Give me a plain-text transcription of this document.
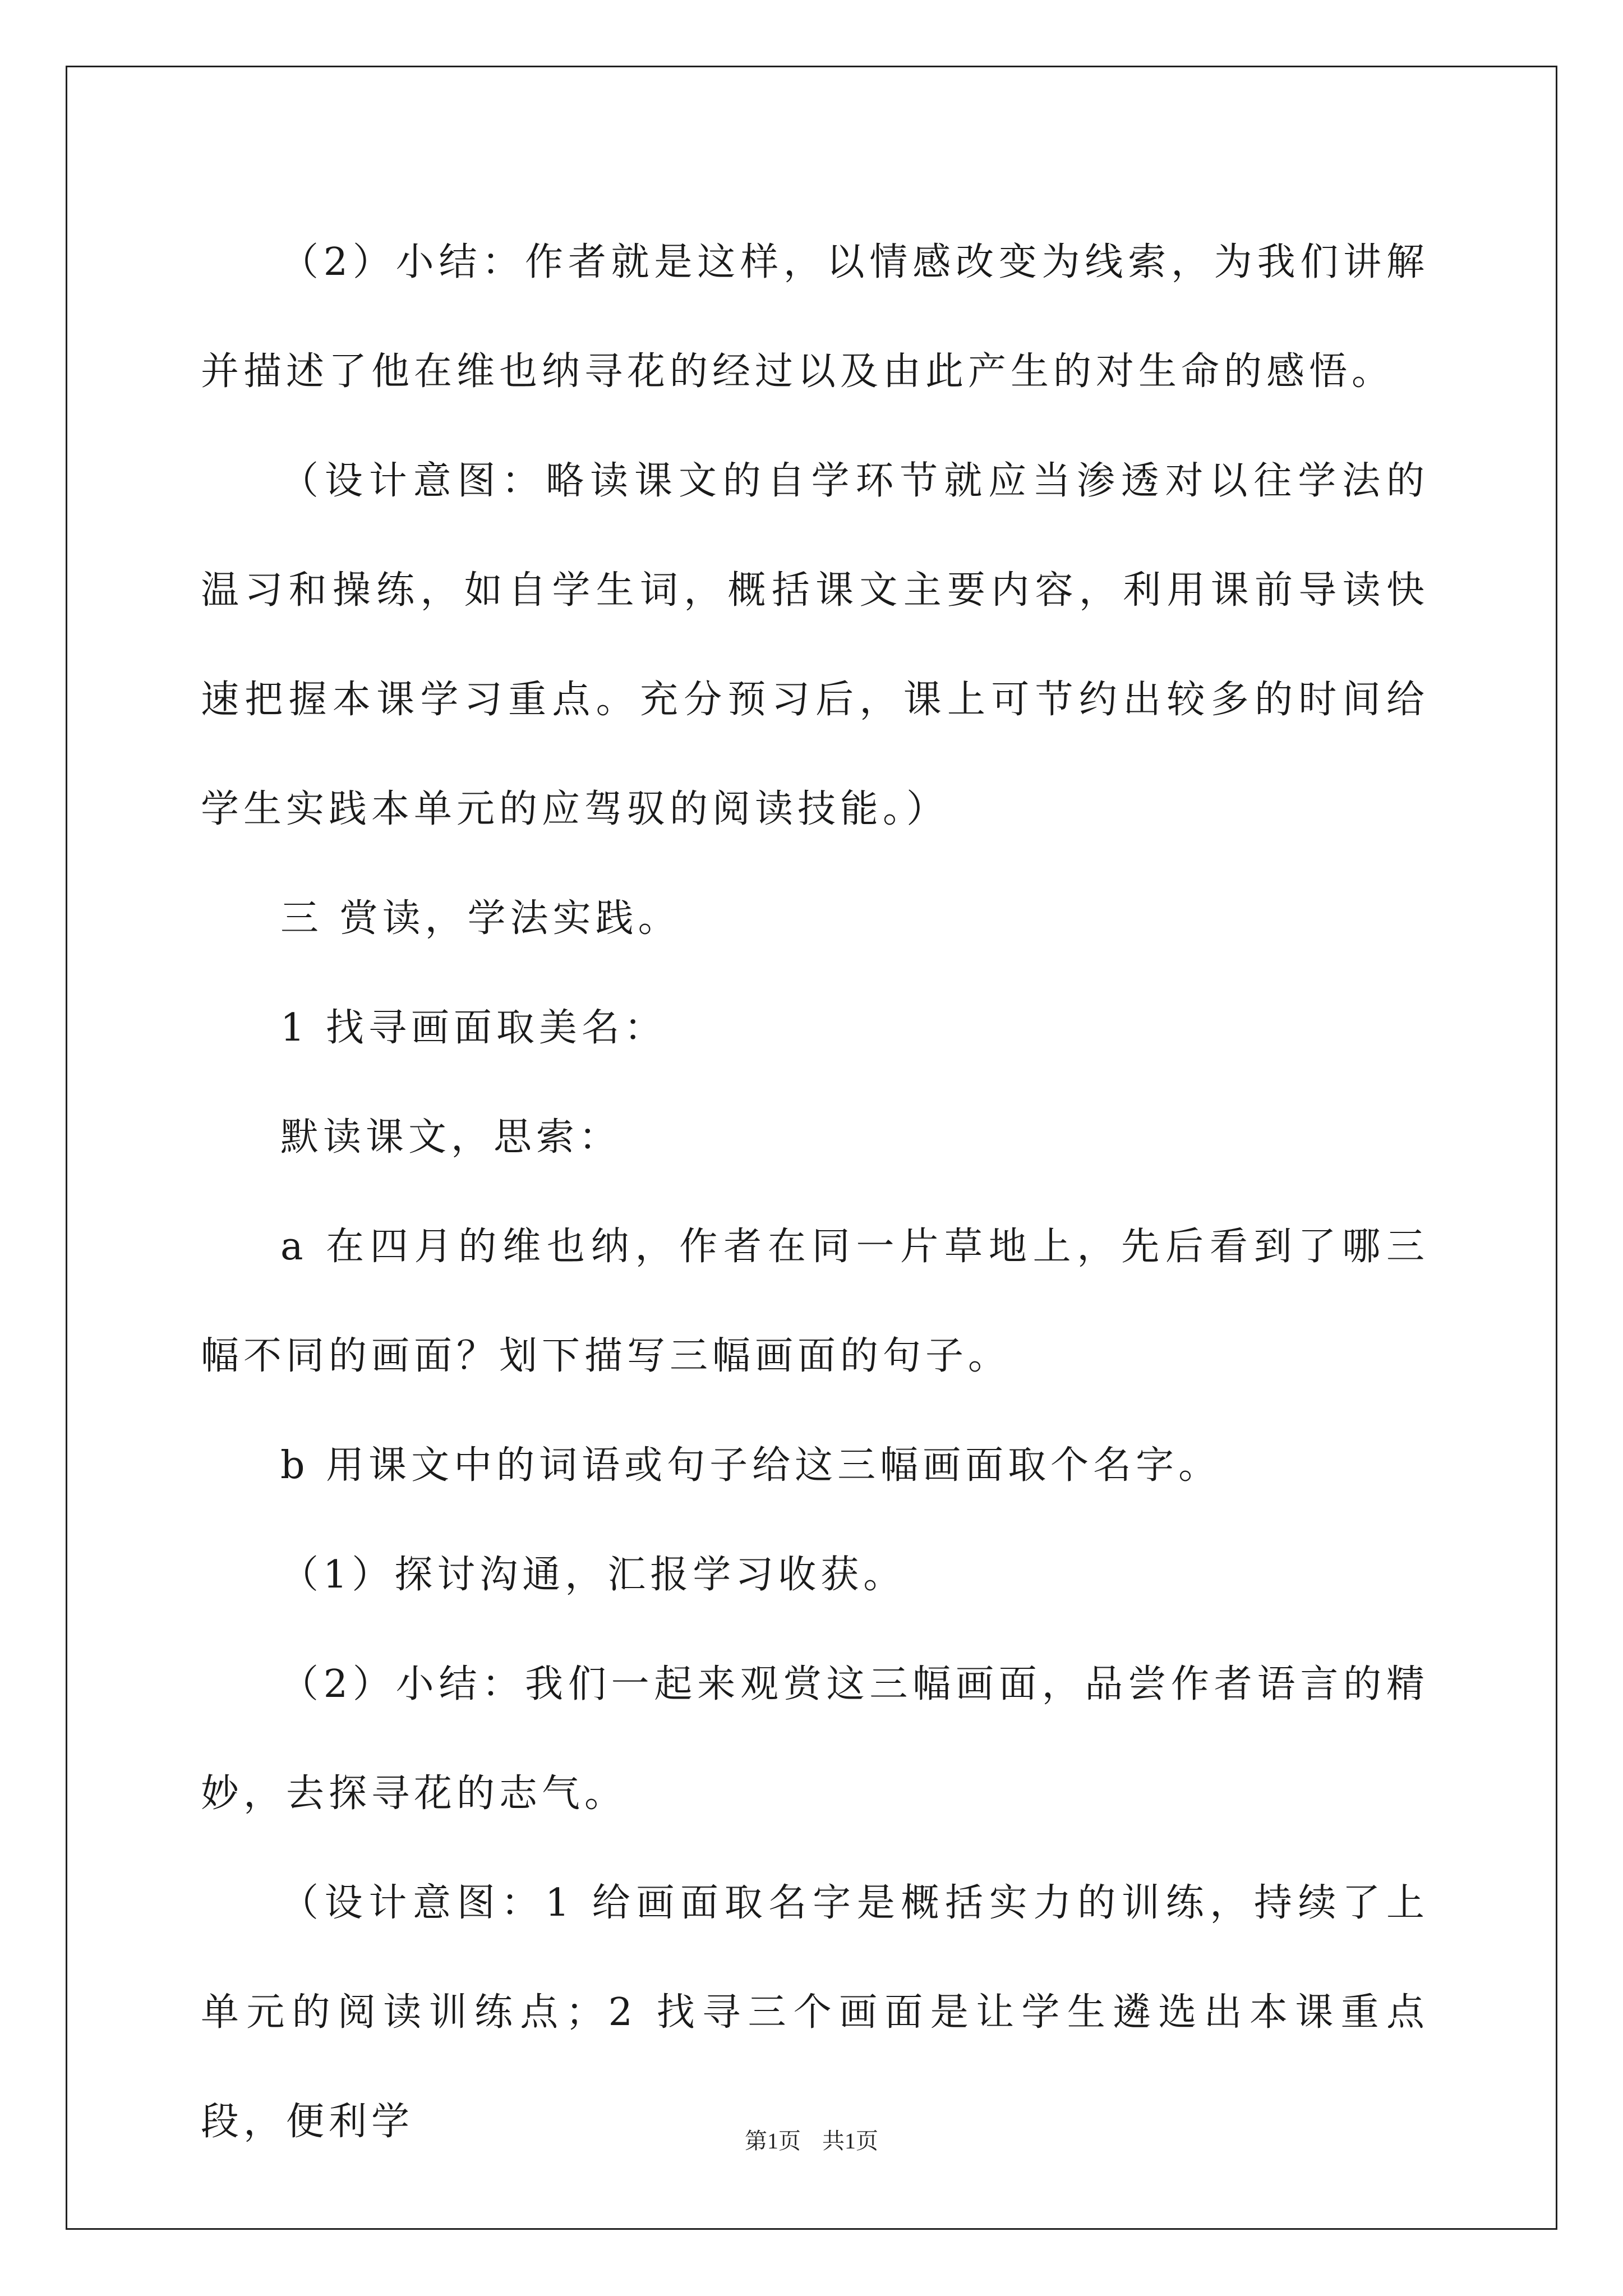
（2）小结：作者就是这样，以情感改变为线索，为我们讲解并描述了他在维也纳寻花的经过以及由此产生的对生命的感悟。

（设计意图：略读课文的自学环节就应当渗透对以往学法的温习和操练，如自学生词，概括课文主要内容，利用课前导读快速把握本课学习重点。充分预习后，课上可节约出较多的时间给学生实践本单元的应驾驭的阅读技能。）

三 赏读，学法实践。

1 找寻画面取美名：

默读课文，思索：

a 在四月的维也纳，作者在同一片草地上，先后看到了哪三幅不同的画面？划下描写三幅画面的句子。

b 用课文中的词语或句子给这三幅画面取个名字。

（1）探讨沟通，汇报学习收获。

（2）小结：我们一起来观赏这三幅画面，品尝作者语言的精妙，去探寻花的志气。

（设计意图：1 给画面取名字是概括实力的训练，持续了上单元的阅读训练点；2 找寻三个画面是让学生遴选出本课重点段，便利学	第1页 共1页
